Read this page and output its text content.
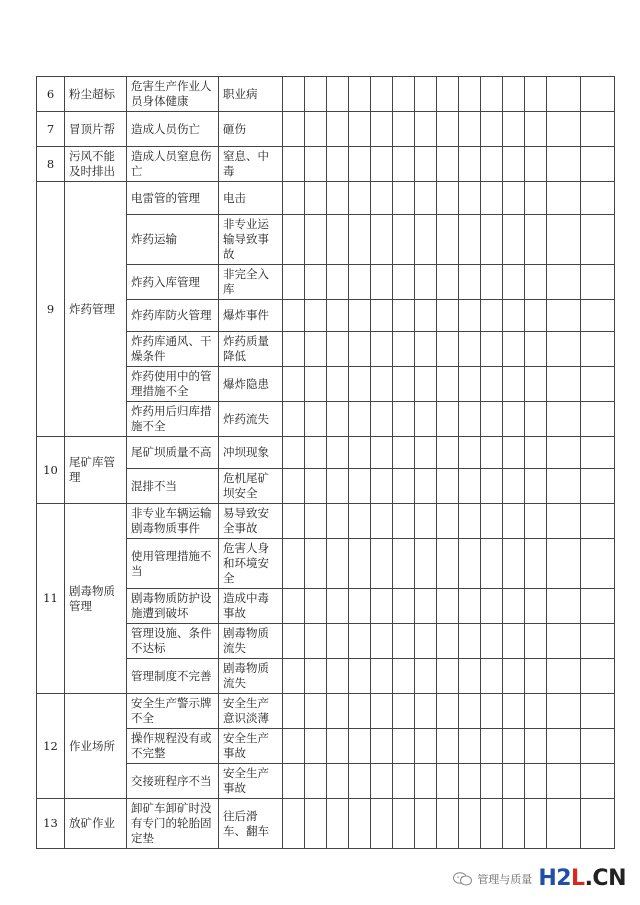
6	粉尘超标	危害生产作业人员身体健康	职业病														
7	冒顶片帮	造成人员伤亡	砸伤														
8	污风不能及时排出	造成人员窒息伤亡	窒息、中毒														
9	炸药管理	电雷管的管理	电击														
		炸药运输	非专业运输导致事故														
		炸药入库管理	非完全入库														
		炸药库防火管理	爆炸事件														
		炸药库通风、干燥条件	炸药质量降低														
		炸药使用中的管理措施不全	爆炸隐患														
		炸药用后归库措施不全	炸药流失														
10	尾矿库管理	尾矿坝质量不高	冲坝现象														
		混排不当	危机尾矿坝安全														
11	剧毒物质管理	非专业车辆运输剧毒物质事件	易导致安全事故														
		使用管理措施不当	危害人身和环境安全														
		剧毒物质防护设施遭到破坏	造成中毒事故														
		管理设施、条件不达标	剧毒物质流失														
		管理制度不完善	剧毒物质流失														
12	作业场所	安全生产警示牌不全	安全生产意识淡薄														
		操作规程没有或不完整	安全生产事故														
		交接班程序不当	安全生产事故														
13	放矿作业	卸矿车卸矿时没有专门的轮胎固定垫	往后滑车、翻车														
管理与质量 H2L.CN
